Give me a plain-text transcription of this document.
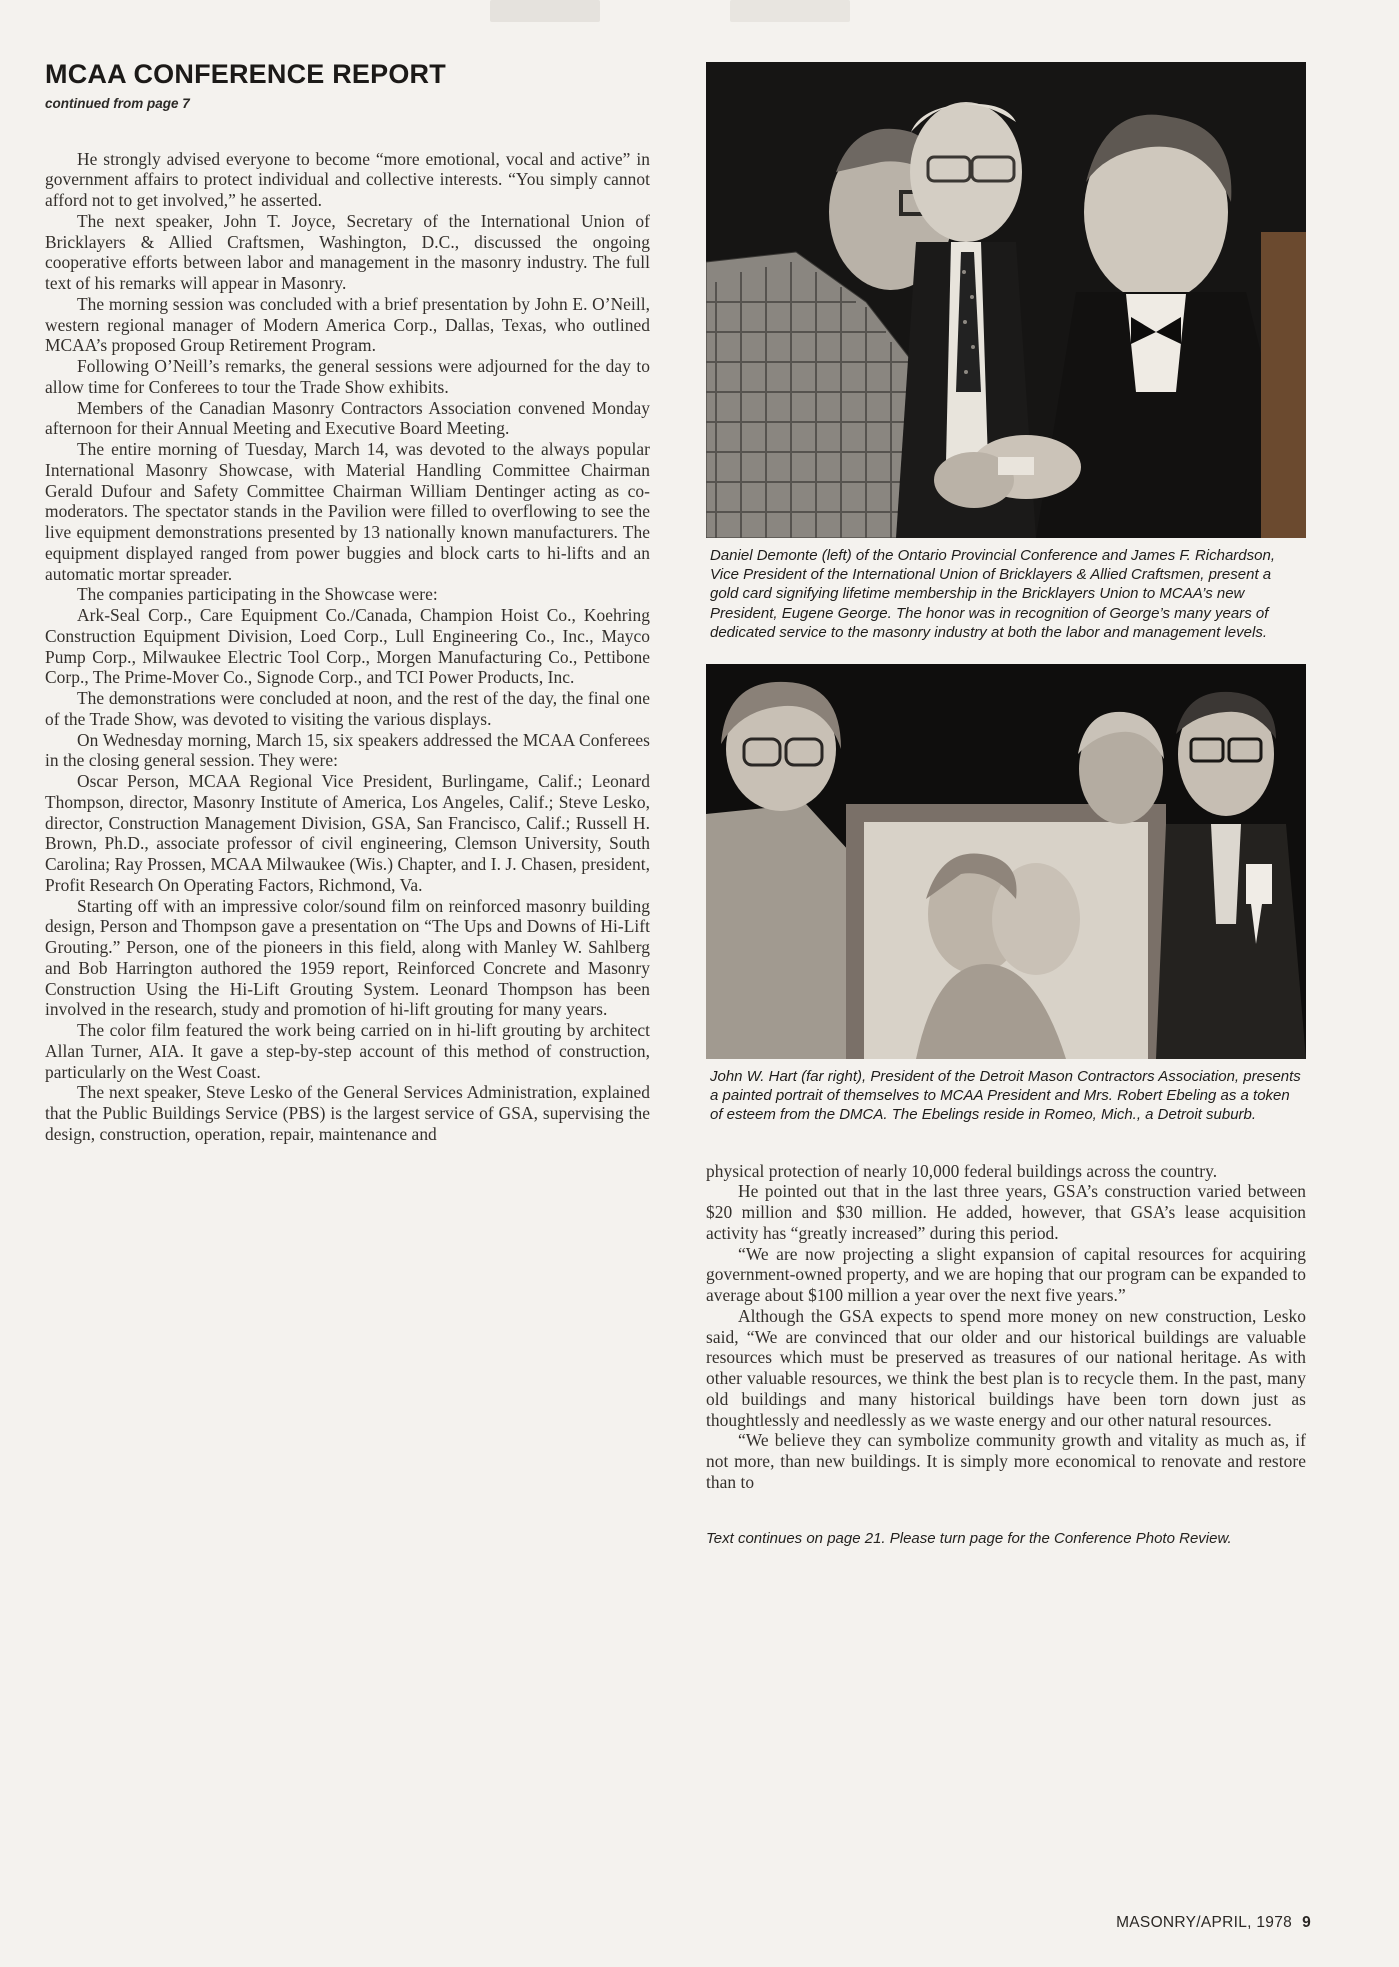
MCAA CONFERENCE REPORT
continued from page 7

He strongly advised everyone to become “more emotional, vocal and active” in government affairs to protect individual and collective interests. “You simply cannot afford not to get involved,” he asserted.

The next speaker, John T. Joyce, Secretary of the International Union of Bricklayers & Allied Craftsmen, Washington, D.C., discussed the ongoing cooperative efforts between labor and management in the masonry industry. The full text of his remarks will appear in Masonry.

The morning session was concluded with a brief presentation by John E. O’Neill, western regional manager of Modern America Corp., Dallas, Texas, who outlined MCAA’s proposed Group Retirement Program.

Following O’Neill’s remarks, the general sessions were adjourned for the day to allow time for Conferees to tour the Trade Show exhibits.

Members of the Canadian Masonry Contractors Association convened Monday afternoon for their Annual Meeting and Executive Board Meeting.

The entire morning of Tuesday, March 14, was devoted to the always popular International Masonry Showcase, with Material Handling Committee Chairman Gerald Dufour and Safety Committee Chairman William Dentinger acting as co-moderators. The spectator stands in the Pavilion were filled to overflowing to see the live equipment demonstrations presented by 13 nationally known manufacturers. The equipment displayed ranged from power buggies and block carts to hi-lifts and an automatic mortar spreader.

The companies participating in the Showcase were:

Ark-Seal Corp., Care Equipment Co./Canada, Champion Hoist Co., Koehring Construction Equipment Division, Loed Corp., Lull Engineering Co., Inc., Mayco Pump Corp., Milwaukee Electric Tool Corp., Morgen Manufacturing Co., Pettibone Corp., The Prime-Mover Co., Signode Corp., and TCI Power Products, Inc.

The demonstrations were concluded at noon, and the rest of the day, the final one of the Trade Show, was devoted to visiting the various displays.

On Wednesday morning, March 15, six speakers addressed the MCAA Conferees in the closing general session. They were:

Oscar Person, MCAA Regional Vice President, Burlingame, Calif.; Leonard Thompson, director, Masonry Institute of America, Los Angeles, Calif.; Steve Lesko, director, Construction Management Division, GSA, San Francisco, Calif.; Russell H. Brown, Ph.D., associate professor of civil engineering, Clemson University, South Carolina; Ray Prossen, MCAA Milwaukee (Wis.) Chapter, and I. J. Chasen, president, Profit Research On Operating Factors, Richmond, Va.

Starting off with an impressive color/sound film on reinforced masonry building design, Person and Thompson gave a presentation on “The Ups and Downs of Hi-Lift Grouting.” Person, one of the pioneers in this field, along with Manley W. Sahlberg and Bob Harrington authored the 1959 report, Reinforced Concrete and Masonry Construction Using the Hi-Lift Grouting System. Leonard Thompson has been involved in the research, study and promotion of hi-lift grouting for many years.

The color film featured the work being carried on in hi-lift grouting by architect Allan Turner, AIA. It gave a step-by-step account of this method of construction, particularly on the West Coast.

The next speaker, Steve Lesko of the General Services Administration, explained that the Public Buildings Service (PBS) is the largest service of GSA, supervising the design, construction, operation, repair, maintenance and

Daniel Demonte (left) of the Ontario Provincial Conference and James F. Richardson, Vice President of the International Union of Bricklayers & Allied Craftsmen, present a gold card signifying lifetime membership in the Bricklayers Union to MCAA’s new President, Eugene George. The honor was in recognition of George’s many years of dedicated service to the masonry industry at both the labor and management levels.
John W. Hart (far right), President of the Detroit Mason Contractors Association, presents a painted portrait of themselves to MCAA President and Mrs. Robert Ebeling as a token of esteem from the DMCA. The Ebelings reside in Romeo, Mich., a Detroit suburb.

physical protection of nearly 10,000 federal buildings across the country.

He pointed out that in the last three years, GSA’s construction varied between $20 million and $30 million. He added, however, that GSA’s lease acquisition activity has “greatly increased” during this period.

“We are now projecting a slight expansion of capital resources for acquiring government-owned property, and we are hoping that our program can be expanded to average about $100 million a year over the next five years.”

Although the GSA expects to spend more money on new construction, Lesko said, “We are convinced that our older and our historical buildings are valuable resources which must be preserved as treasures of our national heritage. As with other valuable resources, we think the best plan is to recycle them. In the past, many old buildings and many historical buildings have been torn down just as thoughtlessly and needlessly as we waste energy and our other natural resources.

“We believe they can symbolize community growth and vitality as much as, if not more, than new buildings. It is simply more economical to renovate and restore than to

Text continues on page 21. Please turn page for the Conference Photo Review.
MASONRY/APRIL, 1978 9
